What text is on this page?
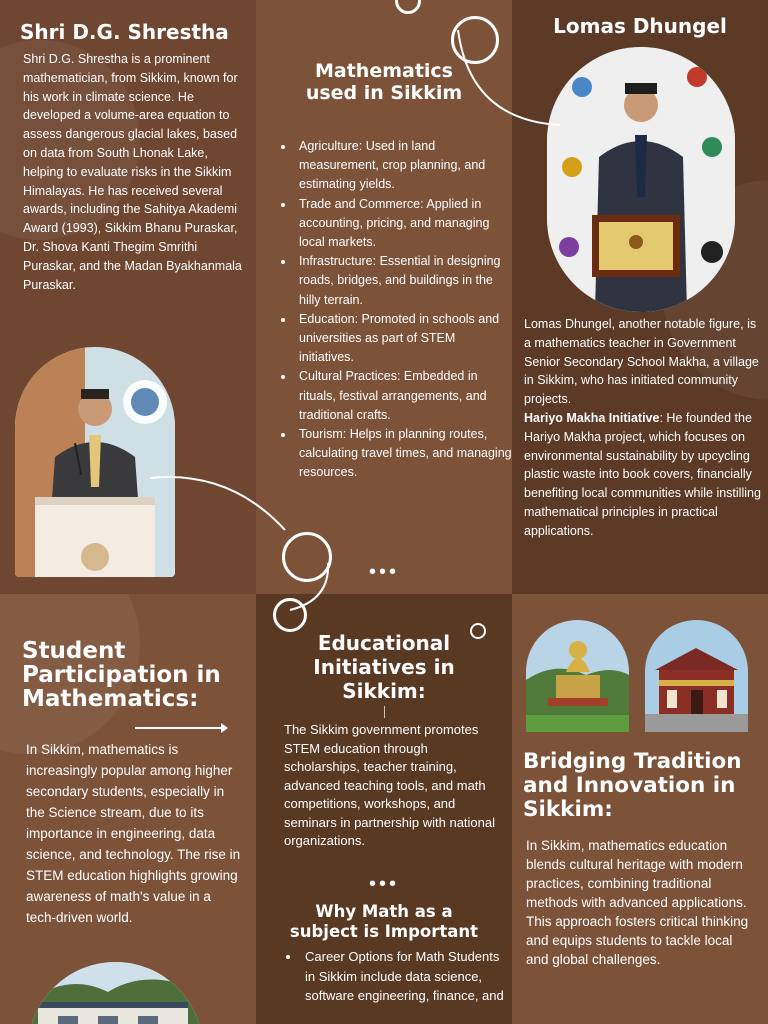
Shri D.G. Shrestha
Shri D.G. Shrestha is a prominent mathematician, from Sikkim, known for his work in climate science. He developed a volume-area equation to assess dangerous glacial lakes, based on data from South Lhonak Lake, helping to evaluate risks in the Sikkim Himalayas. He has received several awards, including the Sahitya Akademi Award (1993), Sikkim Bhanu Puraskar, Dr. Shova Kanti Thegim Smrithi Puraskar, and the Madan Byakhanmala Puraskar.
Mathematics
used in Sikkim
• Agriculture: Used in land measurement, crop planning, and estimating yields.
• Trade and Commerce: Applied in accounting, pricing, and managing local markets.
• Infrastructure: Essential in designing roads, bridges, and buildings in the hilly terrain.
• Education: Promoted in schools and universities as part of STEM initiatives.
• Cultural Practices: Embedded in rituals, festival arrangements, and traditional crafts.
• Tourism: Helps in planning routes, calculating travel times, and managing resources.
•••
Lomas Dhungel
Lomas Dhungel, another notable figure, is a mathematics teacher in Government Senior Secondary School Makha, a village in Sikkim, who has initiated community projects.
Hariyo Makha Initiative: He founded the Hariyo Makha project, which focuses on environmental sustainability by upcycling plastic waste into book covers, financially benefiting local communities while instilling mathematical principles in practical applications.
Student
Participation in
Mathematics:
In Sikkim, mathematics is increasingly popular among higher secondary students, especially in the Science stream, due to its importance in engineering, data science, and technology. The rise in STEM education highlights growing awareness of math's value in a tech-driven world.
Educational
Initiatives in
Sikkim:
The Sikkim government promotes STEM education through scholarships, teacher training, advanced teaching tools, and math competitions, workshops, and seminars in partnership with national organizations.
•••
Why Math as a
subject is Important
• Career Options for Math Students in Sikkim include data science, software engineering, finance, and
Bridging Tradition
and Innovation in
Sikkim:
In Sikkim, mathematics education blends cultural heritage with modern practices, combining traditional methods with advanced applications. This approach fosters critical thinking and equips students to tackle local and global challenges.
